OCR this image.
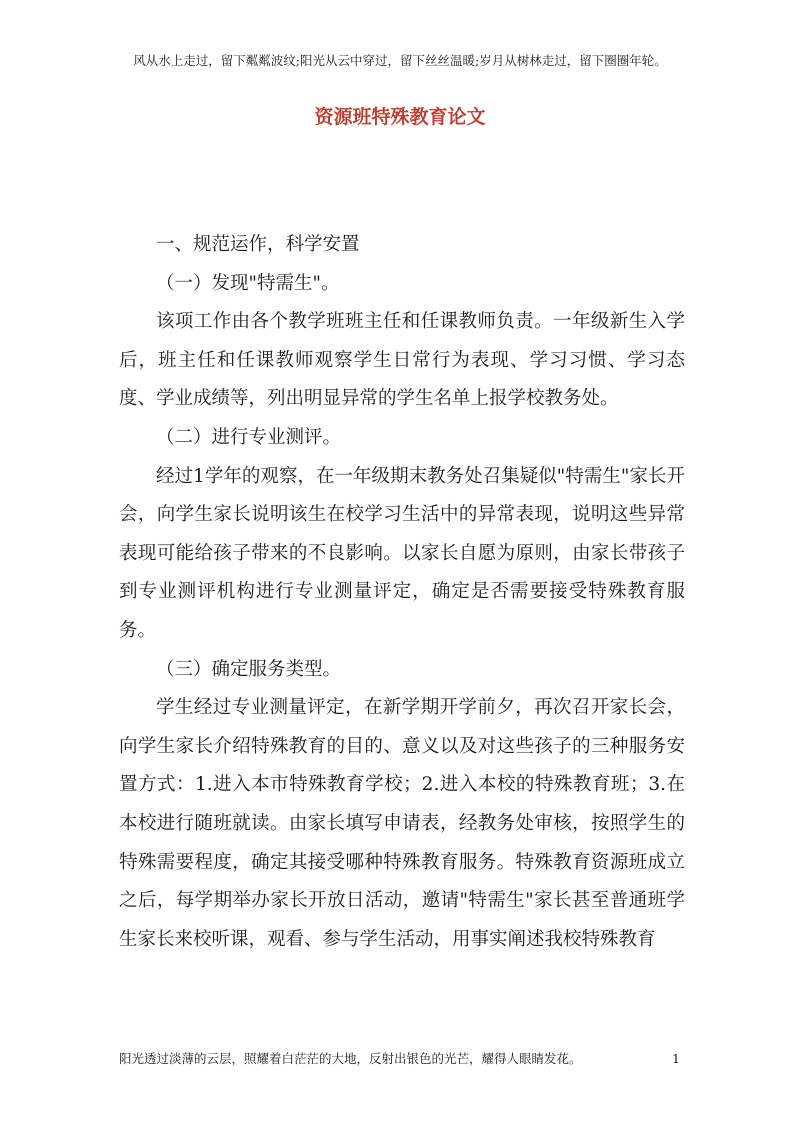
风从水上走过，留下粼粼波纹;阳光从云中穿过，留下丝丝温暖;岁月从树林走过，留下圈圈年轮。
资源班特殊教育论文

一、规范运作，科学安置

（一）发现"特需生"。

该项工作由各个教学班班主任和任课教师负责。一年级新生入学后，班主任和任课教师观察学生日常行为表现、学习习惯、学习态度、学业成绩等，列出明显异常的学生名单上报学校教务处。

（二）进行专业测评。

经过1学年的观察，在一年级期末教务处召集疑似"特需生"家长开会，向学生家长说明该生在校学习生活中的异常表现，说明这些异常表现可能给孩子带来的不良影响。以家长自愿为原则，由家长带孩子到专业测评机构进行专业测量评定，确定是否需要接受特殊教育服务。

（三）确定服务类型。

学生经过专业测量评定，在新学期开学前夕，再次召开家长会，向学生家长介绍特殊教育的目的、意义以及对这些孩子的三种服务安置方式：1.进入本市特殊教育学校；2.进入本校的特殊教育班；3.在本校进行随班就读。由家长填写申请表，经教务处审核，按照学生的特殊需要程度，确定其接受哪种特殊教育服务。特殊教育资源班成立之后，每学期举办家长开放日活动，邀请"特需生"家长甚至普通班学生家长来校听课，观看、参与学生活动，用事实阐述我校特殊教育

阳光透过淡薄的云层，照耀着白茫茫的大地，反射出银色的光芒，耀得人眼睛发花。	1
